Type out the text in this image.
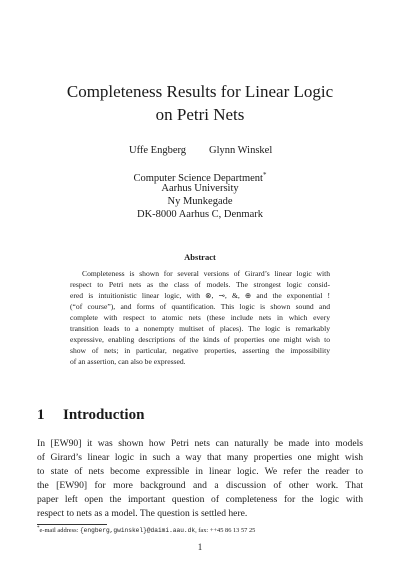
Completeness Results for Linear Logic
on Petri Nets
Uffe Engberg Glynn Winskel
Computer Science Department*
Aarhus University
Ny Munkegade
DK-8000 Aarhus C, Denmark
Abstract
Completeness is shown for several versions of Girard’s linear logic with
respect to Petri nets as the class of models. The strongest logic consid-
ered is intuitionistic linear logic, with ⊗, ⊸, &, ⊕ and the exponential !
(“of course”), and forms of quantification. This logic is shown sound and
complete with respect to atomic nets (these include nets in which every
transition leads to a nonempty multiset of places). The logic is remarkably
expressive, enabling descriptions of the kinds of properties one might wish to
show of nets; in particular, negative properties, asserting the impossibility
of an assertion, can also be expressed.
1 Introduction
In [EW90] it was shown how Petri nets can naturally be made into models
of Girard’s linear logic in such a way that many properties one might wish
to state of nets become expressible in linear logic. We refer the reader to
the [EW90] for more background and a discussion of other work. That
paper left open the important question of completeness for the logic with
respect to nets as a model. The question is settled here.
*e-mail address: {engberg,gwinskel}@daimi.aau.dk, fax: ++45 86 13 57 25
1
